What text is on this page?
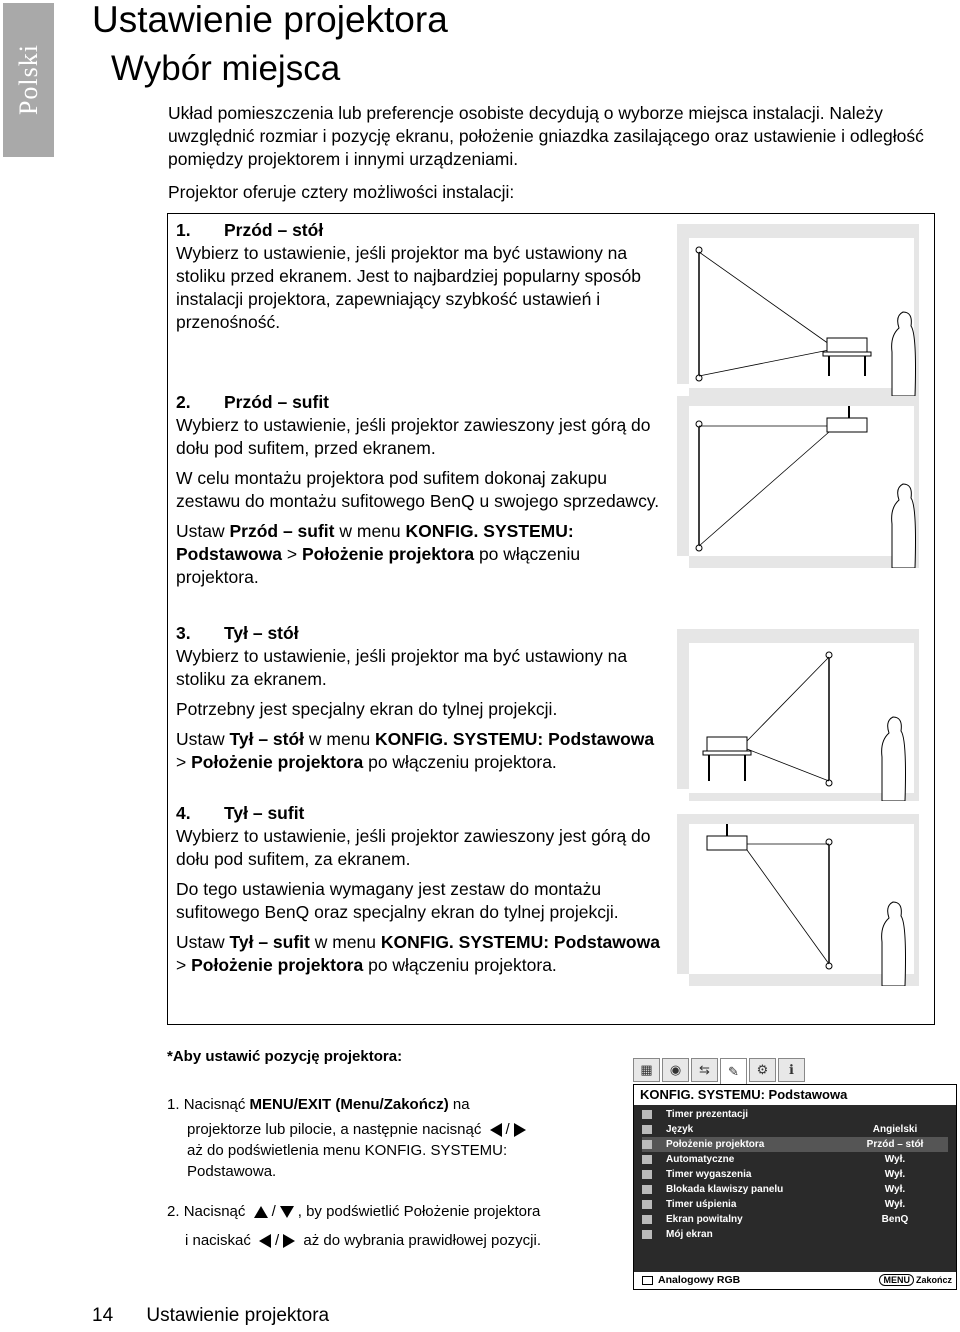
Polski
Ustawienie projektora
Wybór miejsca

Układ pomieszczenia lub preferencje osobiste decydują o wyborze miejsca instalacji. Należy uwzględnić rozmiar i pozycję ekranu, położenie gniazdka zasilającego oraz ustawienie i odległość pomiędzy projektorem i innymi urządzeniami.

Projektor oferuje cztery możliwości instalacji:

1. Przód – stół

Wybierz to ustawienie, jeśli projektor ma być ustawiony na stoliku przed ekranem. Jest to najbardziej popularny sposób instalacji projektora, zapewniający szybkość ustawień i przenośność.

2. Przód – sufit

Wybierz to ustawienie, jeśli projektor zawieszony jest górą do dołu pod sufitem, przed ekranem.

W celu montażu projektora pod sufitem dokonaj zakupu zestawu do montażu sufitowego BenQ u swojego sprzedawcy.

Ustaw Przód – sufit w menu KONFIG. SYSTEMU: Podstawowa > Położenie projektora po włączeniu projektora.

3. Tył – stół

Wybierz to ustawienie, jeśli projektor ma być ustawiony na stoliku za ekranem.

Potrzebny jest specjalny ekran do tylnej projekcji.

Ustaw Tył – stół w menu KONFIG. SYSTEMU: Podstawowa > Położenie projektora po włączeniu projektora.

4. Tył – sufit

Wybierz to ustawienie, jeśli projektor zawieszony jest górą do dołu pod sufitem, za ekranem.

Do tego ustawienia wymagany jest zestaw do montażu sufitowego BenQ oraz specjalny ekran do tylnej projekcji.

Ustaw Tył – sufit w menu KONFIG. SYSTEMU: Podstawowa > Położenie projektora po włączeniu projektora.

*Aby ustawić pozycję projektora:

1. Nacisnąć MENU/EXIT (Menu/Zakończ) na

projektorze lub pilocie, a następnie nacisnąć /

aż do podświetlenia menu KONFIG. SYSTEMU:

Podstawowa.

2. Nacisnąć / , by podświetlić Położenie projektora

i naciskać / aż do wybrania prawidłowej pozycji.

▦	◉	⇆	✎	⚙	ℹ
KONFIG. SYSTEMU: Podstawowa
Timer prezentacji
Język	Angielski
Położenie projektora	Przód – stół
Automatyczne	Wył.
Timer wygaszenia	Wył.
Blokada klawiszy panelu	Wył.
Timer uśpienia	Wył.
Ekran powitalny	BenQ
Mój ekran
Analogowy RGB	MENU Zakończ
14 Ustawienie projektora
